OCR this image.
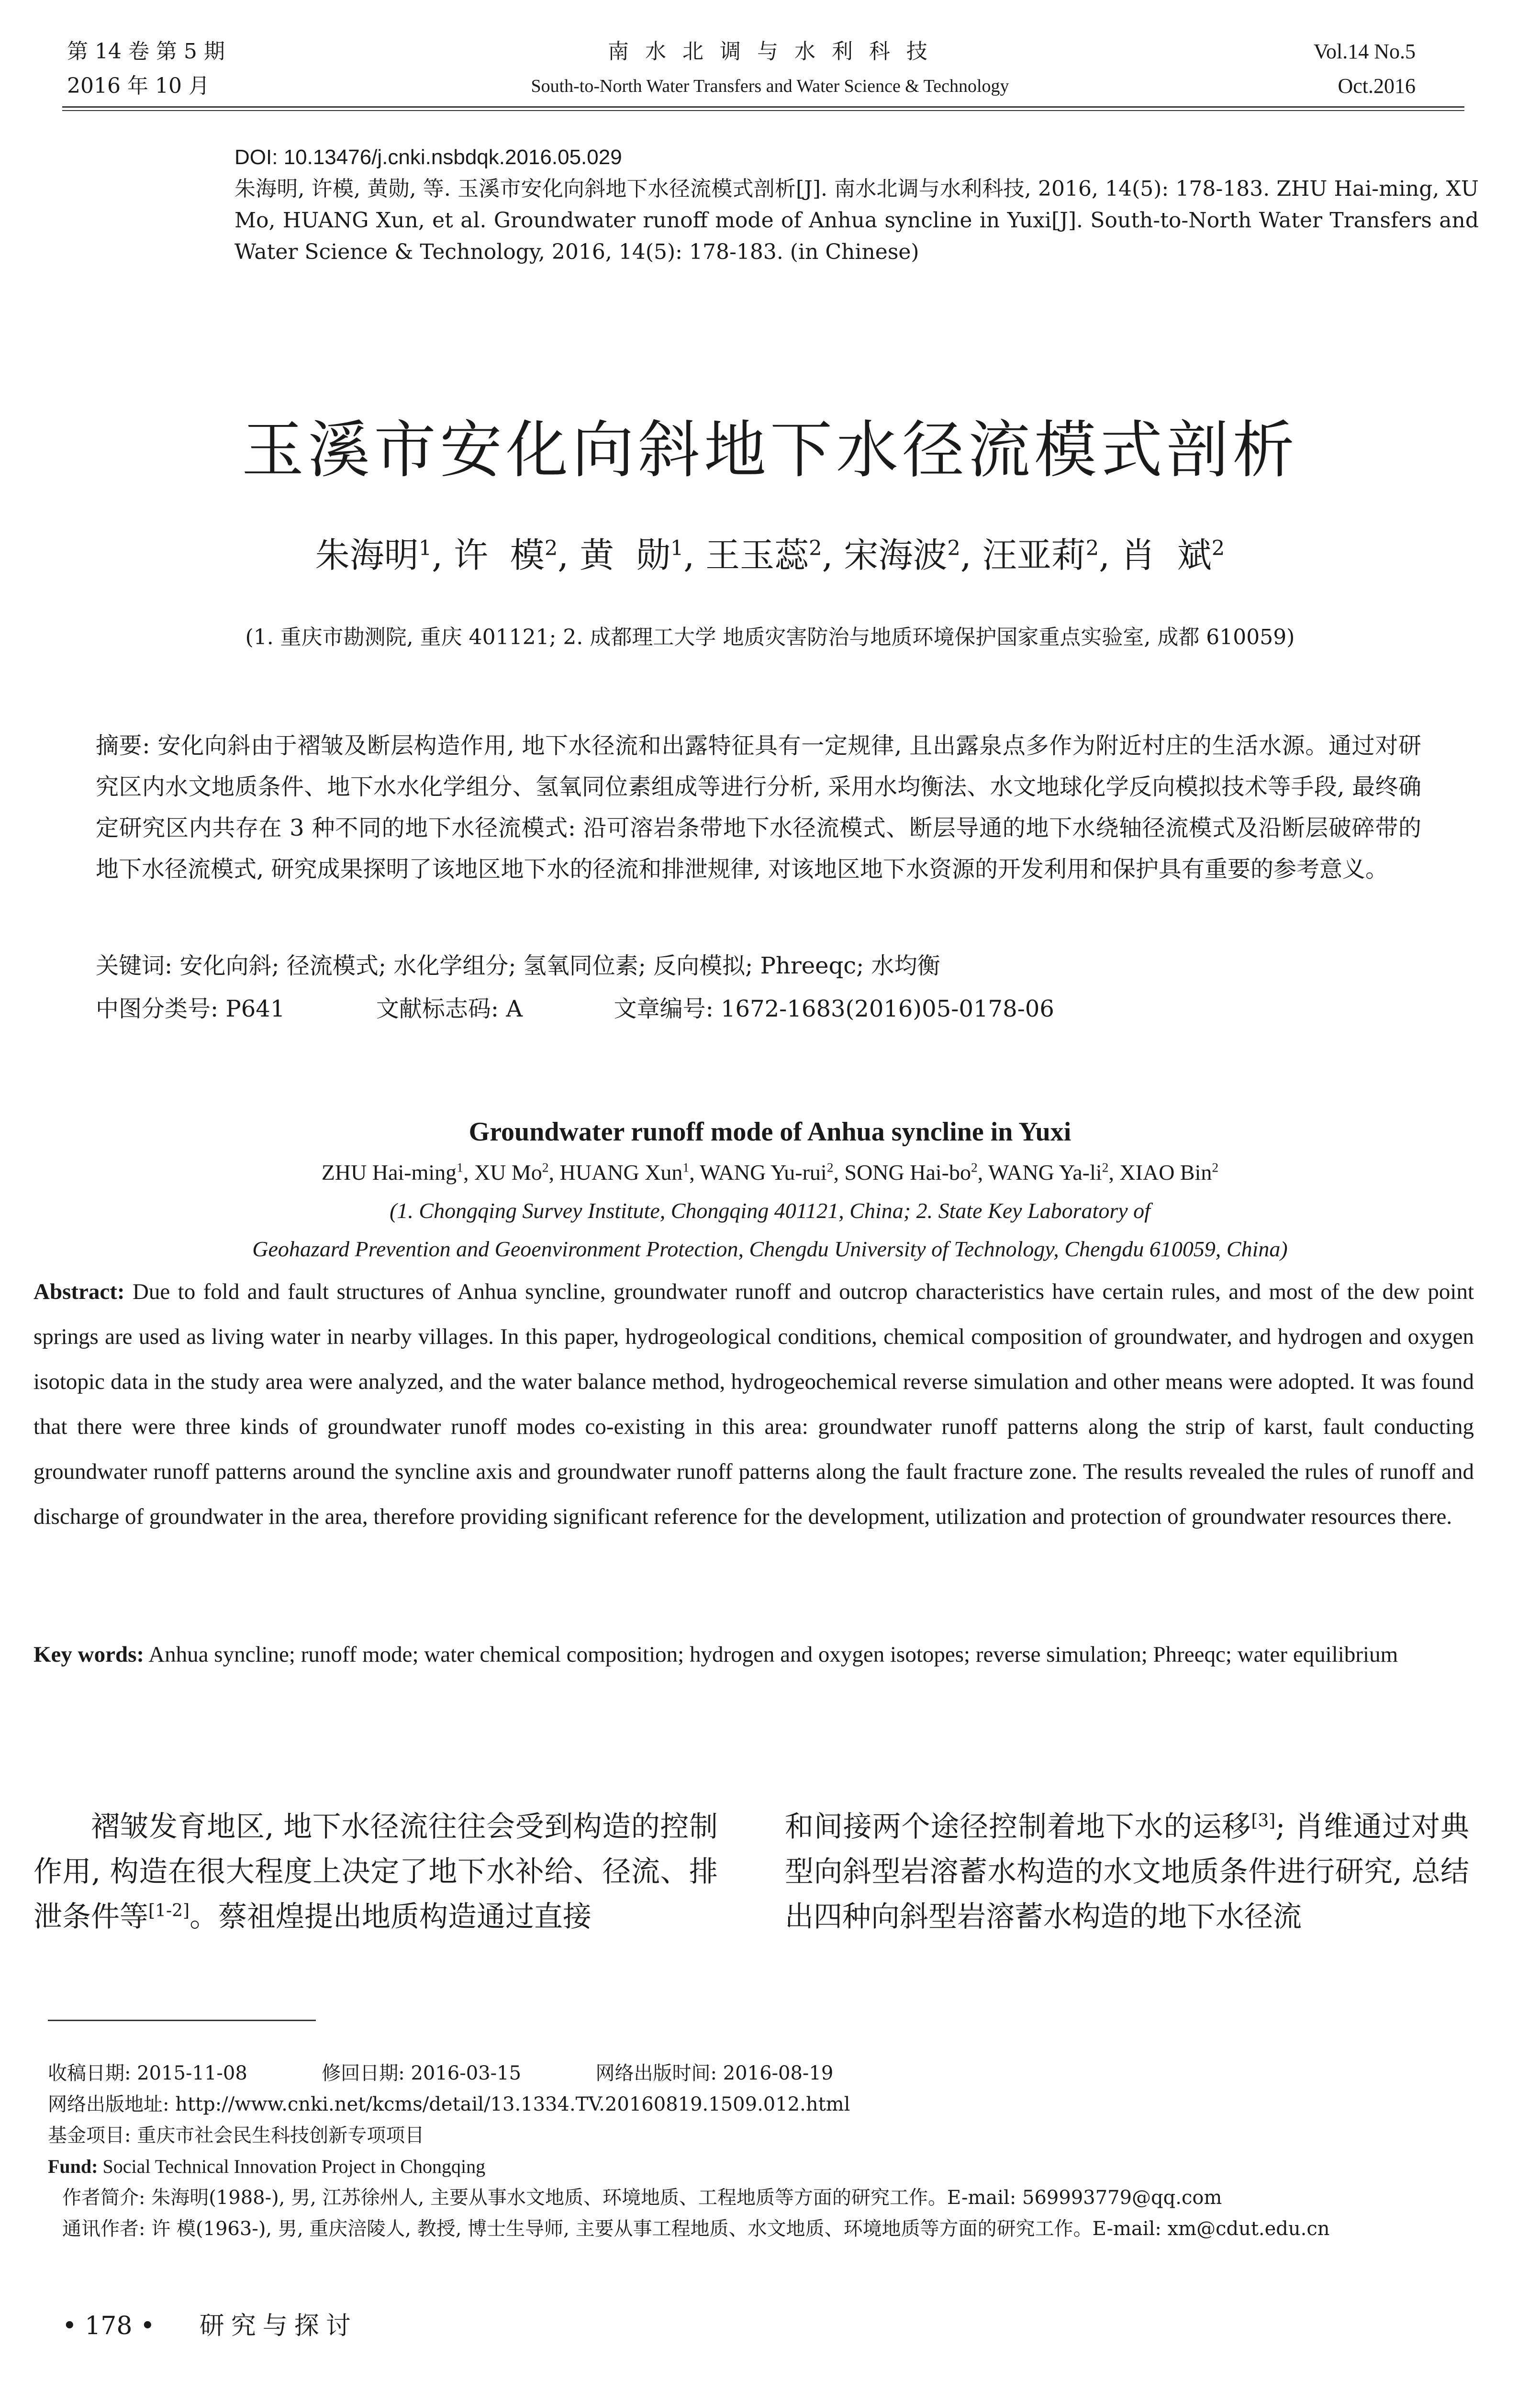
第 14 卷 第 5 期
2016 年 10 月
南 水 北 调 与 水 利 科 技
South-to-North Water Transfers and Water Science & Technology
Vol.14 No.5
Oct.2016
DOI: 10.13476/j.cnki.nsbdqk.2016.05.029
朱海明, 许模, 黄勋, 等. 玉溪市安化向斜地下水径流模式剖析[J]. 南水北调与水利科技, 2016, 14(5): 178-183. ZHU Hai-ming, XU Mo, HUANG Xun, et al. Groundwater runoff mode of Anhua syncline in Yuxi[J]. South-to-North Water Transfers and Water Science & Technology, 2016, 14(5): 178-183. (in Chinese)
玉溪市安化向斜地下水径流模式剖析
朱海明$^1$, 许  模$^2$, 黄  勋$^1$, 王玉蕊$^2$, 宋海波$^2$, 汪亚莉$^2$, 肖  斌$^2$
(1. 重庆市勘测院, 重庆 401121; 2. 成都理工大学 地质灾害防治与地质环境保护国家重点实验室, 成都 610059)
摘要: 安化向斜由于褶皱及断层构造作用, 地下水径流和出露特征具有一定规律, 且出露泉点多作为附近村庄的生活水源。通过对研究区内水文地质条件、地下水水化学组分、氢氧同位素组成等进行分析, 采用水均衡法、水文地球化学反向模拟技术等手段, 最终确定研究区内共存在 3 种不同的地下水径流模式: 沿可溶岩条带地下水径流模式、断层导通的地下水绕轴径流模式及沿断层破碎带的地下水径流模式, 研究成果探明了该地区地下水的径流和排泄规律, 对该地区地下水资源的开发利用和保护具有重要的参考意义。
关键词: 安化向斜; 径流模式; 水化学组分; 氢氧同位素; 反向模拟; Phreeqc; 水均衡
中图分类号: P641	文献标志码: A	文章编号: 1672-1683(2016)05-0178-06
Groundwater runoff mode of Anhua syncline in Yuxi
ZHU Hai-ming$^1$, XU Mo$^2$, HUANG Xun$^1$, WANG Yu-rui$^2$, SONG Hai-$bo^2$, WANG $Ya-li^2$, XIAO Bin$^2$
(1. Chongqing Survey Institute, Chongqing 401121, China; 2. State Key Laboratory of
Geohazard Prevention and Geoenvironment Protection, Chengdu University of Technology, Chengdu 610059, China)
Abstract: Due to fold and fault structures of Anhua syncline, groundwater runoff and outcrop characteristics have certain rules, and most of the dew point springs are used as living water in nearby villages. In this paper, hydrogeological conditions, chemical composition of groundwater, and hydrogen and oxygen isotopic data in the study area were analyzed, and the water balance method, hydrogeochemical reverse simulation and other means were adopted. It was found that there were three kinds of groundwater runoff modes co-existing in this area: groundwater runoff patterns along the strip of karst, fault conducting groundwater runoff patterns around the syncline axis and groundwater runoff patterns along the fault fracture zone. The results revealed the rules of runoff and discharge of groundwater in the area, therefore providing significant reference for the development, utilization and protection of groundwater resources there.
Key words: Anhua syncline; runoff mode; water chemical composition; hydrogen and oxygen isotopes; reverse simulation; Phreeqc; water equilibrium
褶皱发育地区, 地下水径流往往会受到构造的控制作用, 构造在很大程度上决定了地下水补给、径流、排泄条件等[1-2]。蔡祖煌提出地质构造通过直接
和间接两个途径控制着地下水的运移[3]; 肖维通过对典型向斜型岩溶蓄水构造的水文地质条件进行研究, 总结出四种向斜型岩溶蓄水构造的地下水径流
收稿日期: 2015-11-08	修回日期: 2016-03-15	网络出版时间: 2016-08-19
网络出版地址: http://www.cnki.net/kcms/detail/13.1334.TV.20160819.1509.012.html
基金项目: 重庆市社会民生科技创新专项项目
Fund: Social Technical Innovation Project in Chongqing
作者简介: 朱海明(1988-), 男, 江苏徐州人, 主要从事水文地质、环境地质、工程地质等方面的研究工作。E-mail: 569993779@qq.com
通讯作者: 许 模(1963-), 男, 重庆涪陵人, 教授, 博士生导师, 主要从事工程地质、水文地质、环境地质等方面的研究工作。E-mail: xm@cdut.edu.cn
• 178 • 研究与探讨
